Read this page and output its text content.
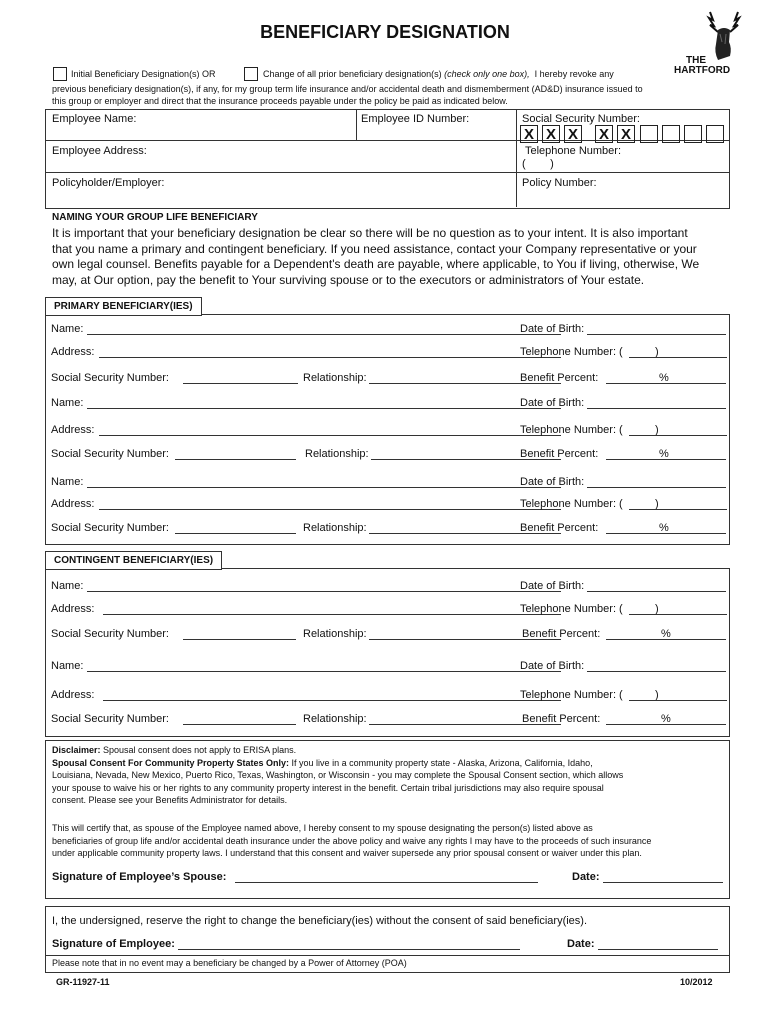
BENEFICIARY DESIGNATION
THE
HARTFORD
Initial Beneficiary Designation(s) OR	Change of all prior beneficiary designation(s) (check only one box), I hereby revoke any
previous beneficiary designation(s), if any, for my group term life insurance and/or accidental death and dismemberment (AD&D) insurance issued to
this group or employer and direct that the insurance proceeds payable under the policy be paid as indicated below.
Employee Name:	Employee ID Number:	Social Security Number:
X X X X X
Employee Address:	Telephone Number:
(        )
Policyholder/Employer:	Policy Number:
NAMING YOUR GROUP LIFE BENEFICIARY
It is important that your beneficiary designation be clear so there will be no question as to your intent. It is also important
that you name a primary and contingent beneficiary. If you need assistance, contact your Company representative or your
own legal counsel. Benefits payable for a Dependent's death are payable, where applicable, to You if living, otherwise, We
may, at Our option, pay the benefit to Your surviving spouse or to the executors or administrators of Your estate.
PRIMARY BENEFICIARY(IES)
Name:	Date of Birth:
Address:	Telephone Number: (	)
Social Security Number:	Relationship:	Benefit Percent:	%
Name:	Date of Birth:
Address:	Telephone Number: (	)
Social Security Number:	Relationship:	Benefit Percent:	%
Name:	Date of Birth:
Address:	Telephone Number: (	)
Social Security Number:	Relationship:	Benefit Percent:	%
CONTINGENT BENEFICIARY(IES)
Name:	Date of Birth:
Address:	Telephone Number: (	)
Social Security Number:	Relationship:	Benefit Percent:	%
Name:	Date of Birth:
Address:	Telephone Number: (	)
Social Security Number:	Relationship:	Benefit Percent:	%
Disclaimer: Spousal consent does not apply to ERISA plans.
Spousal Consent For Community Property States Only: If you live in a community property state - Alaska, Arizona, California, Idaho,
Louisiana, Nevada, New Mexico, Puerto Rico, Texas, Washington, or Wisconsin - you may complete the Spousal Consent section, which allows
your spouse to waive his or her rights to any community property interest in the benefit. Certain tribal jurisdictions may also require spousal
consent. Please see your Benefits Administrator for details.
This will certify that, as spouse of the Employee named above, I hereby consent to my spouse designating the person(s) listed above as
beneficiaries of group life and/or accidental death insurance under the above policy and waive any rights I may have to the proceeds of such insurance
under applicable community property laws. I understand that this consent and waiver supersede any prior spousal consent or waiver under this plan.
Signature of Employee’s Spouse:	Date:
I, the undersigned, reserve the right to change the beneficiary(ies) without the consent of said beneficiary(ies).
Signature of Employee:	Date:
Please note that in no event may a beneficiary be changed by a Power of Attorney (POA)
GR-11927-11	10/2012
